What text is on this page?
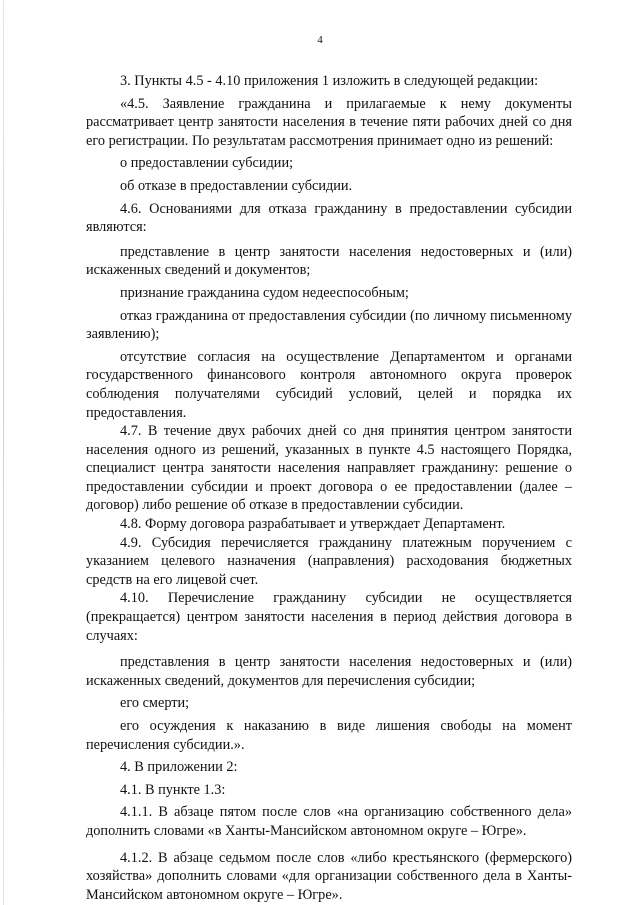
4

3. Пункты 4.5 - 4.10 приложения 1 изложить в следующей редакции:

«4.5. Заявление гражданина и прилагаемые к нему документы рассматривает центр занятости населения в течение пяти рабочих дней со дня его регистрации. По результатам рассмотрения принимает одно из решений:

о предоставлении субсидии;

об отказе в предоставлении субсидии.

4.6. Основаниями для отказа гражданину в предоставлении субсидии являются:

представление в центр занятости населения недостоверных и (или) искаженных сведений и документов;

признание гражданина судом недееспособным;

отказ гражданина от предоставления субсидии (по личному письменному заявлению);

отсутствие согласия на осуществление Департаментом и органами государственного финансового контроля автономного округа проверок соблюдения получателями субсидий условий, целей и порядка их предоставления.

4.7. В течение двух рабочих дней со дня принятия центром занятости населения одного из решений, указанных в пункте 4.5 настоящего Порядка, специалист центра занятости населения направляет гражданину: решение о предоставлении субсидии и проект договора о ее предоставлении (далее – договор) либо решение об отказе в предоставлении субсидии.

4.8. Форму договора разрабатывает и утверждает Департамент.

4.9. Субсидия перечисляется гражданину платежным поручением с указанием целевого назначения (направления) расходования бюджетных средств на его лицевой счет.

4.10. Перечисление гражданину субсидии не осуществляется (прекращается) центром занятости населения в период действия договора в случаях:

представления в центр занятости населения недостоверных и (или) искаженных сведений, документов для перечисления субсидии;

его смерти;

его осуждения к наказанию в виде лишения свободы на момент перечисления субсидии.».

4. В приложении 2:

4.1. В пункте 1.3:

4.1.1. В абзаце пятом после слов «на организацию собственного дела» дополнить словами «в Ханты-Мансийском автономном округе – Югре».

4.1.2. В абзаце седьмом после слов «либо крестьянского (фермерского) хозяйства» дополнить словами «для организации собственного дела в Ханты-Мансийском автономном округе – Югре».
